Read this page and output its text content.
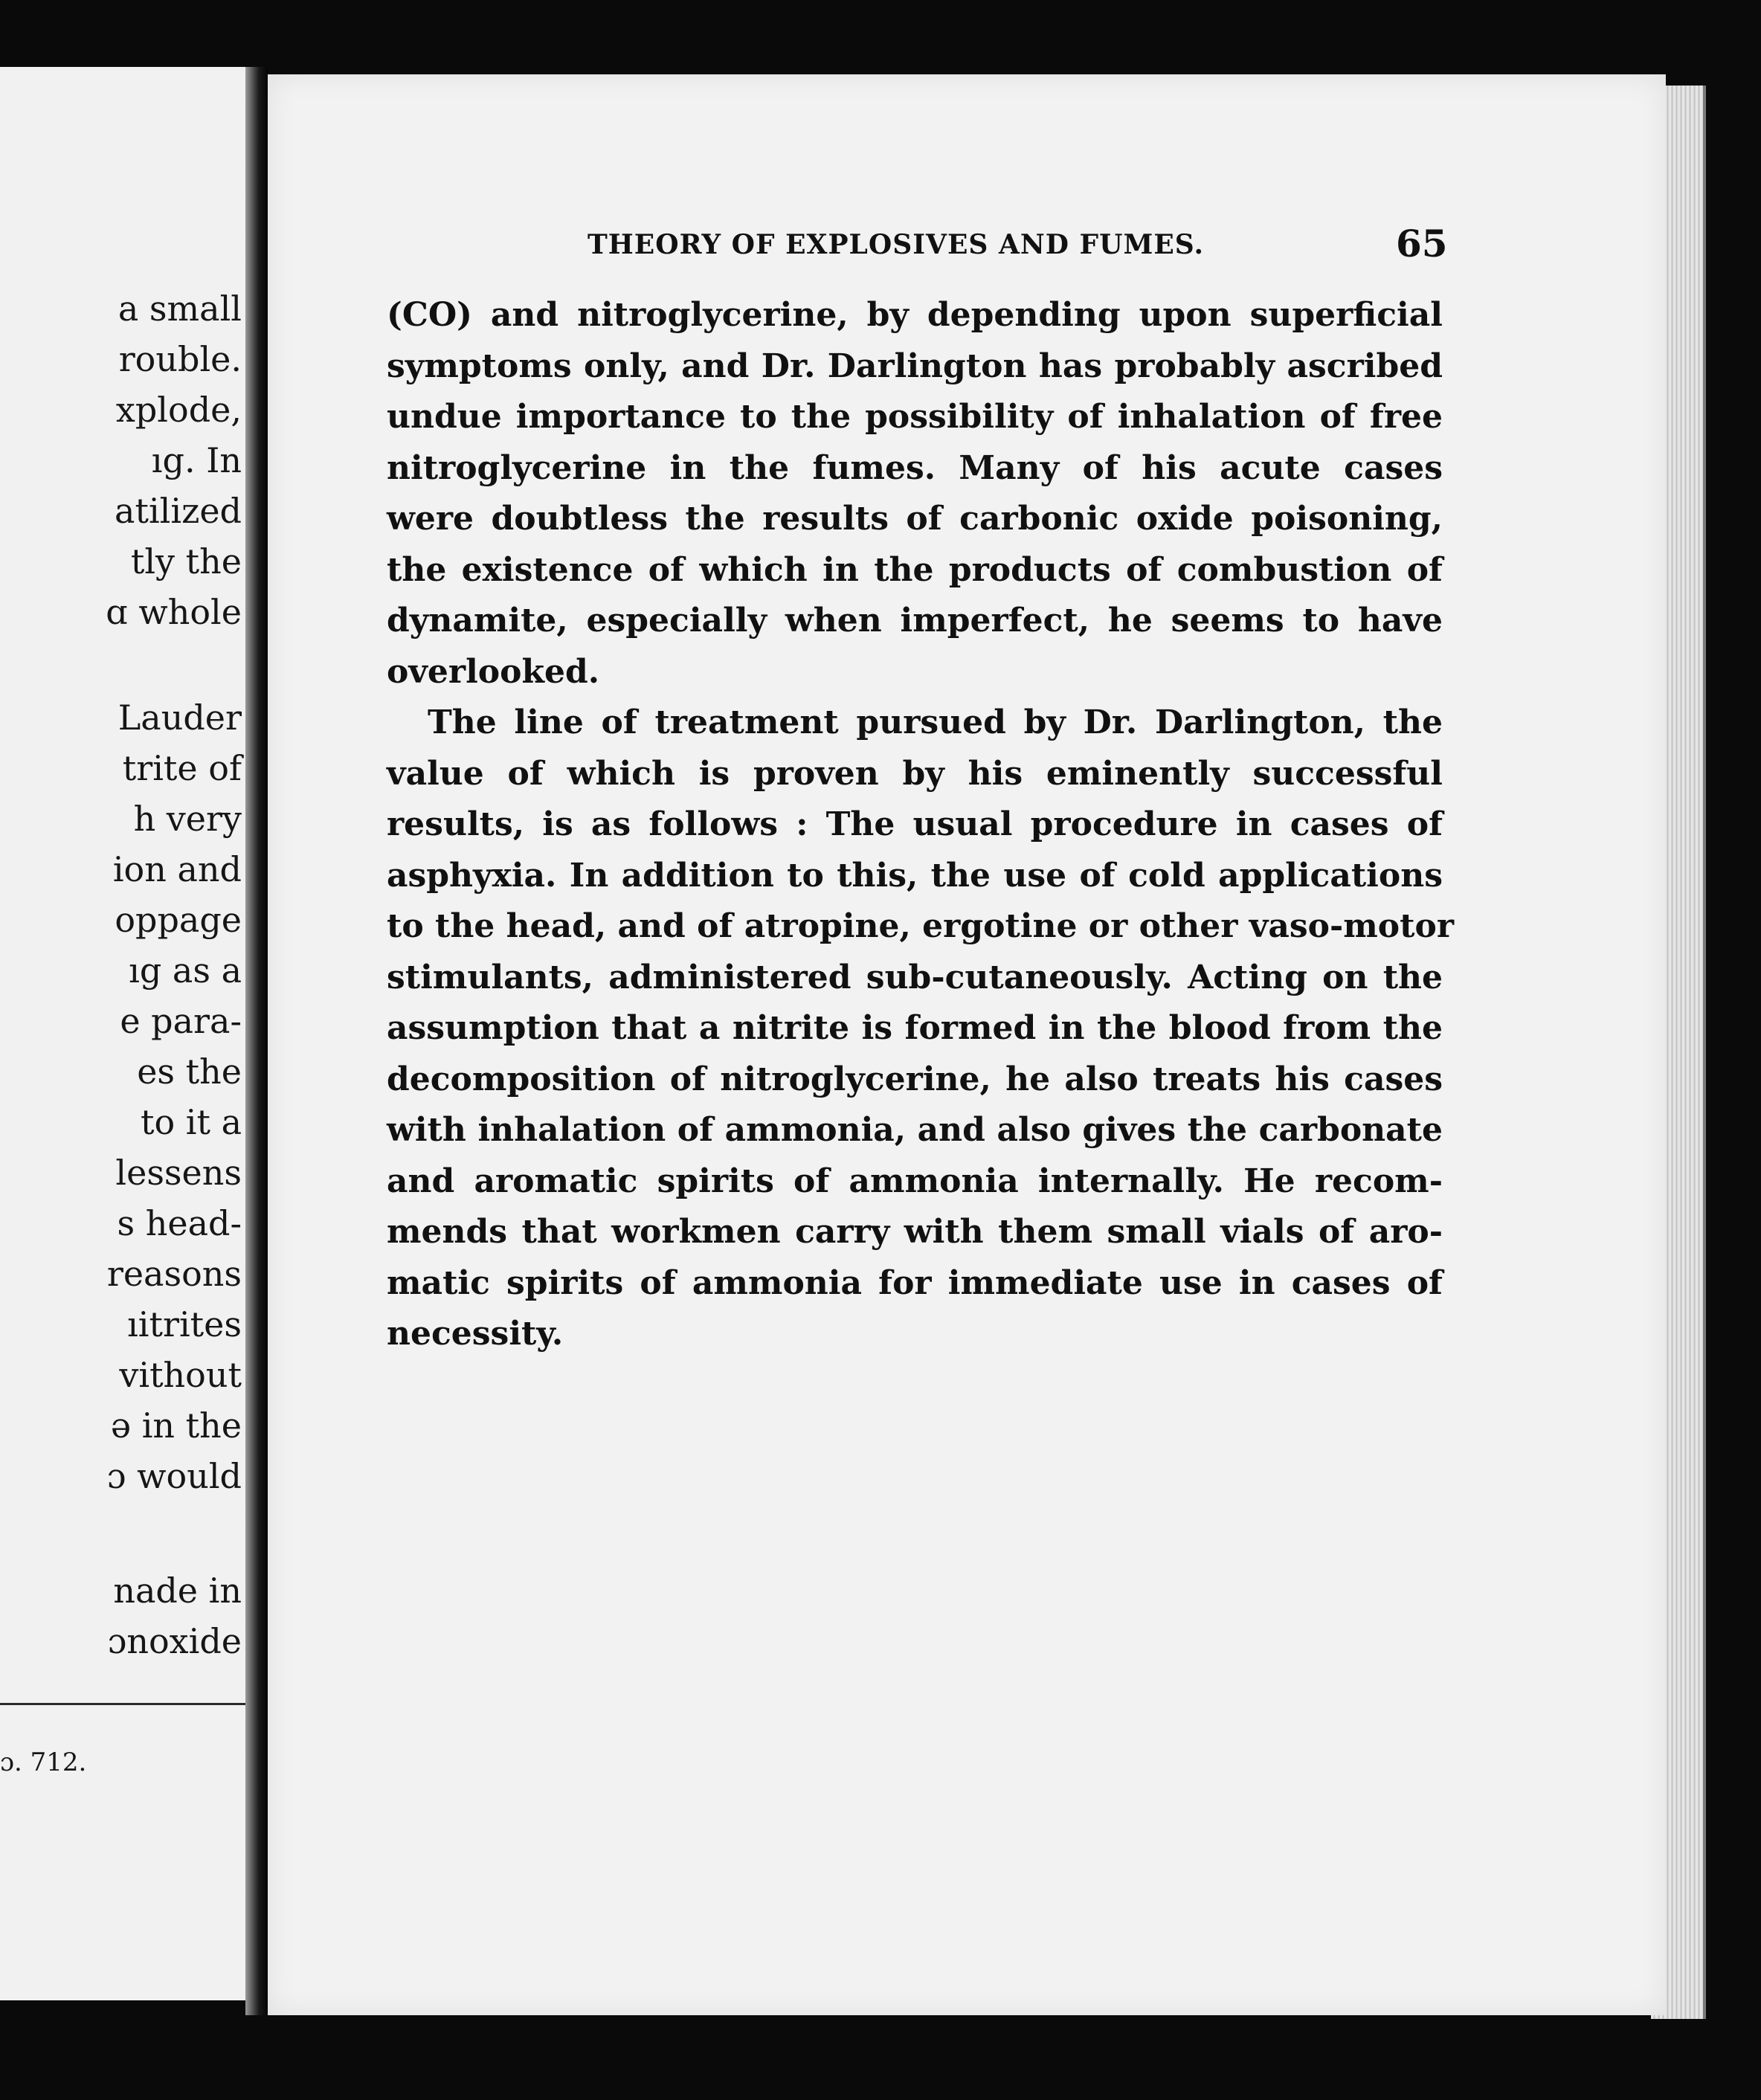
a small
rouble.
xplode,
ıg. In
atilized
tly the
ɑ whole
Lauder
trite of
h very
ion and
oppage
ıg as a
e para-
es the
to it a
lessens
s head-
reasons
ıitrites
vithout
ə in the
ɔ would
nade in
ɔnoxide
ɔ. 712.
THEORY OF EXPLOSIVES AND FUMES.	65
(CO) and nitroglycerine, by depending upon superficial
symptoms only, and Dr. Darlington has probably ascribed
undue importance to the possibility of inhalation of free
nitroglycerine in the fumes. Many of his acute cases
were doubtless the results of carbonic oxide poisoning,
the existence of which in the products of combustion of
dynamite, especially when imperfect, he seems to have
overlooked.
The line of treatment pursued by Dr. Darlington, the
value of which is proven by his eminently successful
results, is as follows : The usual procedure in cases of
asphyxia. In addition to this, the use of cold applications
to the head, and of atropine, ergotine or other vaso-motor
stimulants, administered sub-cutaneously. Acting on the
assumption that a nitrite is formed in the blood from the
decomposition of nitroglycerine, he also treats his cases
with inhalation of ammonia, and also gives the carbonate
and aromatic spirits of ammonia internally. He recom-
mends that workmen carry with them small vials of aro-
matic spirits of ammonia for immediate use in cases of
necessity.
